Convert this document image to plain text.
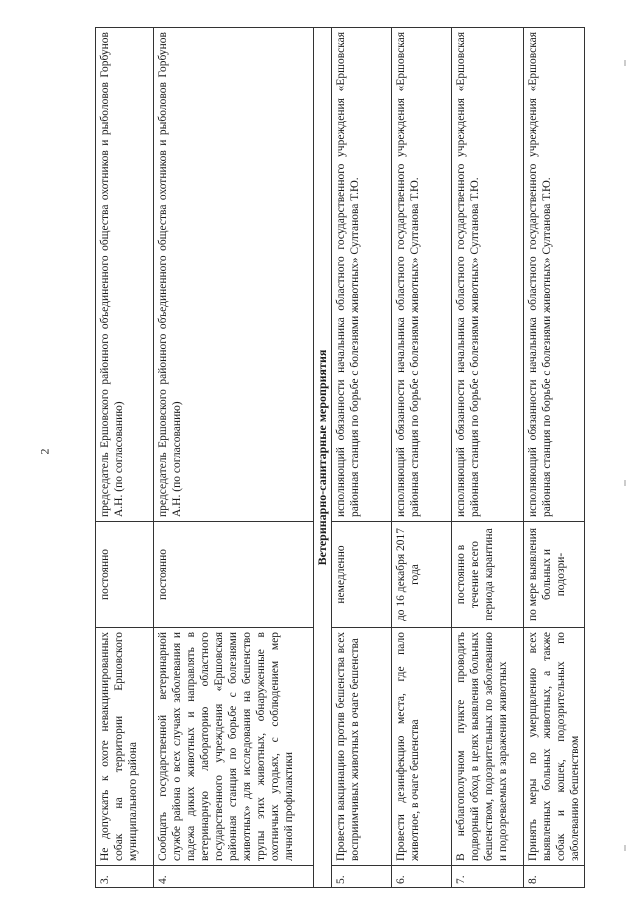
2
3.	Не допускать к охоте невакцинированных собак на территории Ершовского муниципального района	постоянно	председатель Ершовского районного объединенного общества охотников и рыболовов Горбунов А.Н. (по согласованию)
4.	Сообщать государственной ветеринарной службе района о всех случаях заболевания и падежа диких животных и направлять в ветеринарную лабораторию областного государственного учреждения «Ершовская районная станция по борьбе с болезнями животных» для исследования на бешенство трупы этих животных, обнаруженные в охотничьих угодьях, с соблюдением мер личной профилактики	постоянно	председатель Ершовского районного объединенного общества охотников и рыболовов Горбунов А.Н. (по согласованию)
Ветеринарно-санитарные мероприятия			
5.	Провести вакцинацию против бешенства всех восприимчивых животных в очаге бешенства	немедленно	исполняющий обязанности начальника областного государственного учреждения «Ершовская районная станция по борьбе с болезнями животных» Султанова Т.Ю.
6.	Провести дезинфекцию места, где пало животное, в очаге бешенства	до 16 декабря 2017 года	исполняющий обязанности начальника областного государственного учреждения «Ершовская районная станция по борьбе с болезнями животных» Султанова Т.Ю.
7.	В неблагополучном пункте проводить подворный обход в целях выявления больных бешенством, подозрительных по заболеванию и подозреваемых в заражении животных	постоянно в течение всего периода карантина	исполняющий обязанности начальника областного государственного учреждения «Ершовская районная станция по борьбе с болезнями животных» Султанова Т.Ю.
8.	Принять меры по умерщвлению всех выявленных больных животных, а также собак и кошек, подозрительных по заболеванию бешенством	по мере выявления больных и подозри-	исполняющий обязанности начальника областного государственного учреждения «Ершовская районная станция по борьбе с болезнями животных» Султанова Т.Ю.
